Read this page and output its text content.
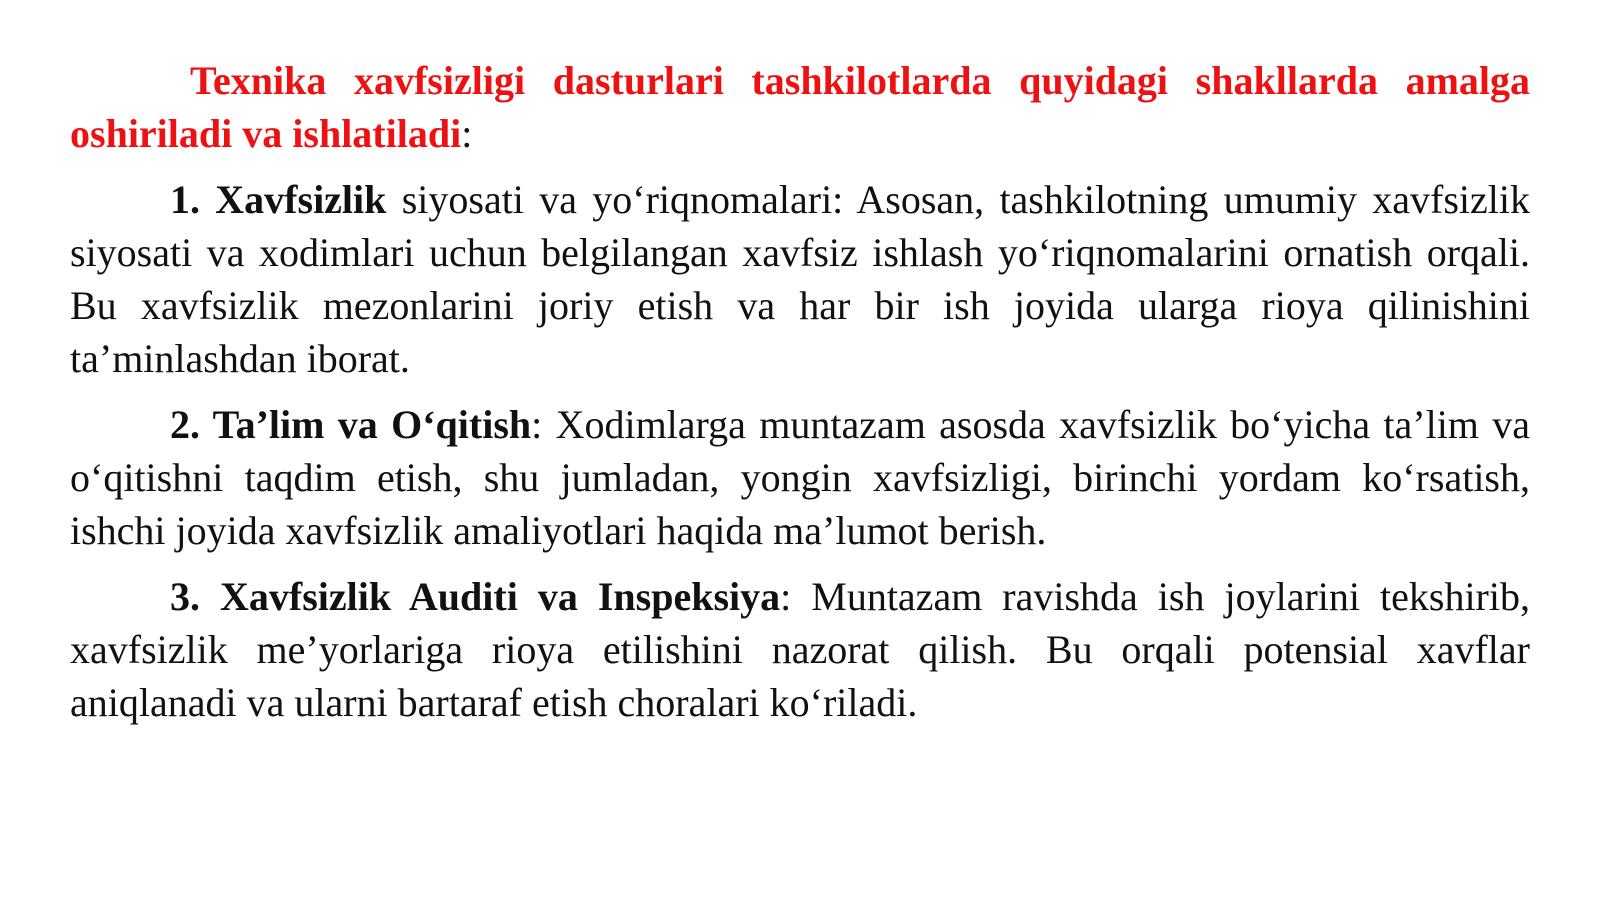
Texnika xavfsizligi dasturlari tashkilotlarda quyidagi shakllarda amalga oshiriladi va ishlatiladi:

1. Xavfsizlik siyosati va yo‘riqnomalari: Asosan, tashkilotning umumiy xavfsizlik siyosati va xodimlari uchun belgilangan xavfsiz ishlash yo‘riqnomalarini ornatish orqali. Bu xavfsizlik mezonlarini joriy etish va har bir ish joyida ularga rioya qilinishini ta’minlashdan iborat.

2. Ta’lim va O‘qitish: Xodimlarga muntazam asosda xavfsizlik bo‘yicha ta’lim va o‘qitishni taqdim etish, shu jumladan, yongin xavfsizligi, birinchi yordam ko‘rsatish, ishchi joyida xavfsizlik amaliyotlari haqida ma’lumot berish.

3. Xavfsizlik Auditi va Inspeksiya: Muntazam ravishda ish joylarini tekshirib, xavfsizlik me’yorlariga rioya etilishini nazorat qilish. Bu orqali potensial xavflar aniqlanadi va ularni bartaraf etish choralari ko‘riladi.
